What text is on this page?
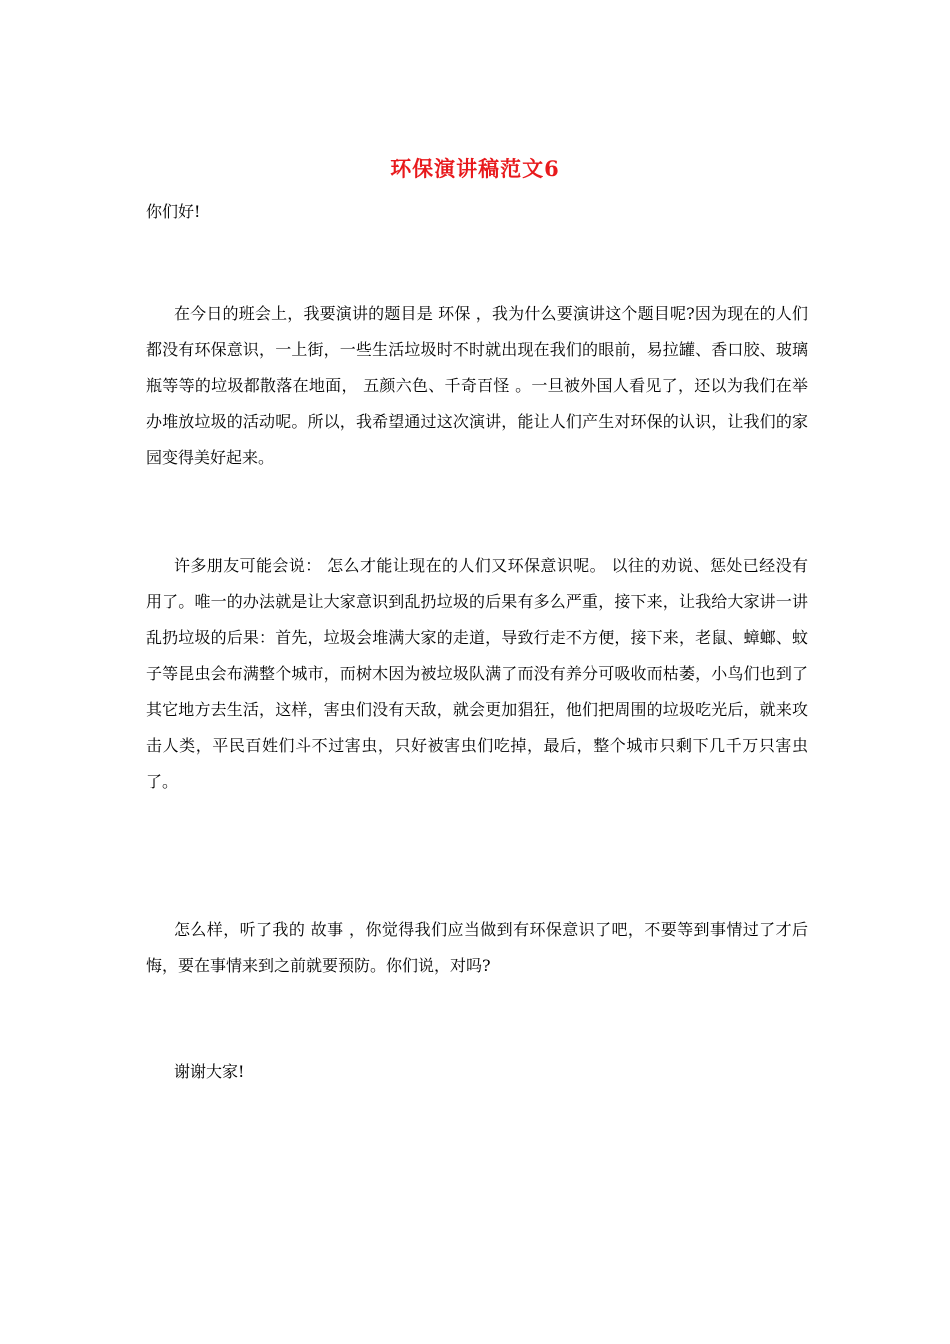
环保演讲稿范文6
你们好!

在今日的班会上，我要演讲的题目是 环保 ，我为什么要演讲这个题目呢?因为现在的人们都没有环保意识，一上街，一些生活垃圾时不时就出现在我们的眼前，易拉罐、香口胶、玻璃瓶等等的垃圾都散落在地面， 五颜六色、千奇百怪 。一旦被外国人看见了，还以为我们在举办堆放垃圾的活动呢。所以，我希望通过这次演讲，能让人们产生对环保的认识，让我们的家园变得美好起来。

许多朋友可能会说： 怎么才能让现在的人们又环保意识呢。 以往的劝说、惩处已经没有用了。唯一的办法就是让大家意识到乱扔垃圾的后果有多么严重，接下来，让我给大家讲一讲乱扔垃圾的后果：首先，垃圾会堆满大家的走道，导致行走不方便，接下来，老鼠、蟑螂、蚊子等昆虫会布满整个城市，而树木因为被垃圾队满了而没有养分可吸收而枯萎，小鸟们也到了其它地方去生活，这样，害虫们没有天敌，就会更加猖狂，他们把周围的垃圾吃光后，就来攻击人类，平民百姓们斗不过害虫，只好被害虫们吃掉，最后，整个城市只剩下几千万只害虫了。

怎么样，听了我的 故事 ，你觉得我们应当做到有环保意识了吧，不要等到事情过了才后悔，要在事情来到之前就要预防。你们说，对吗?

谢谢大家!
